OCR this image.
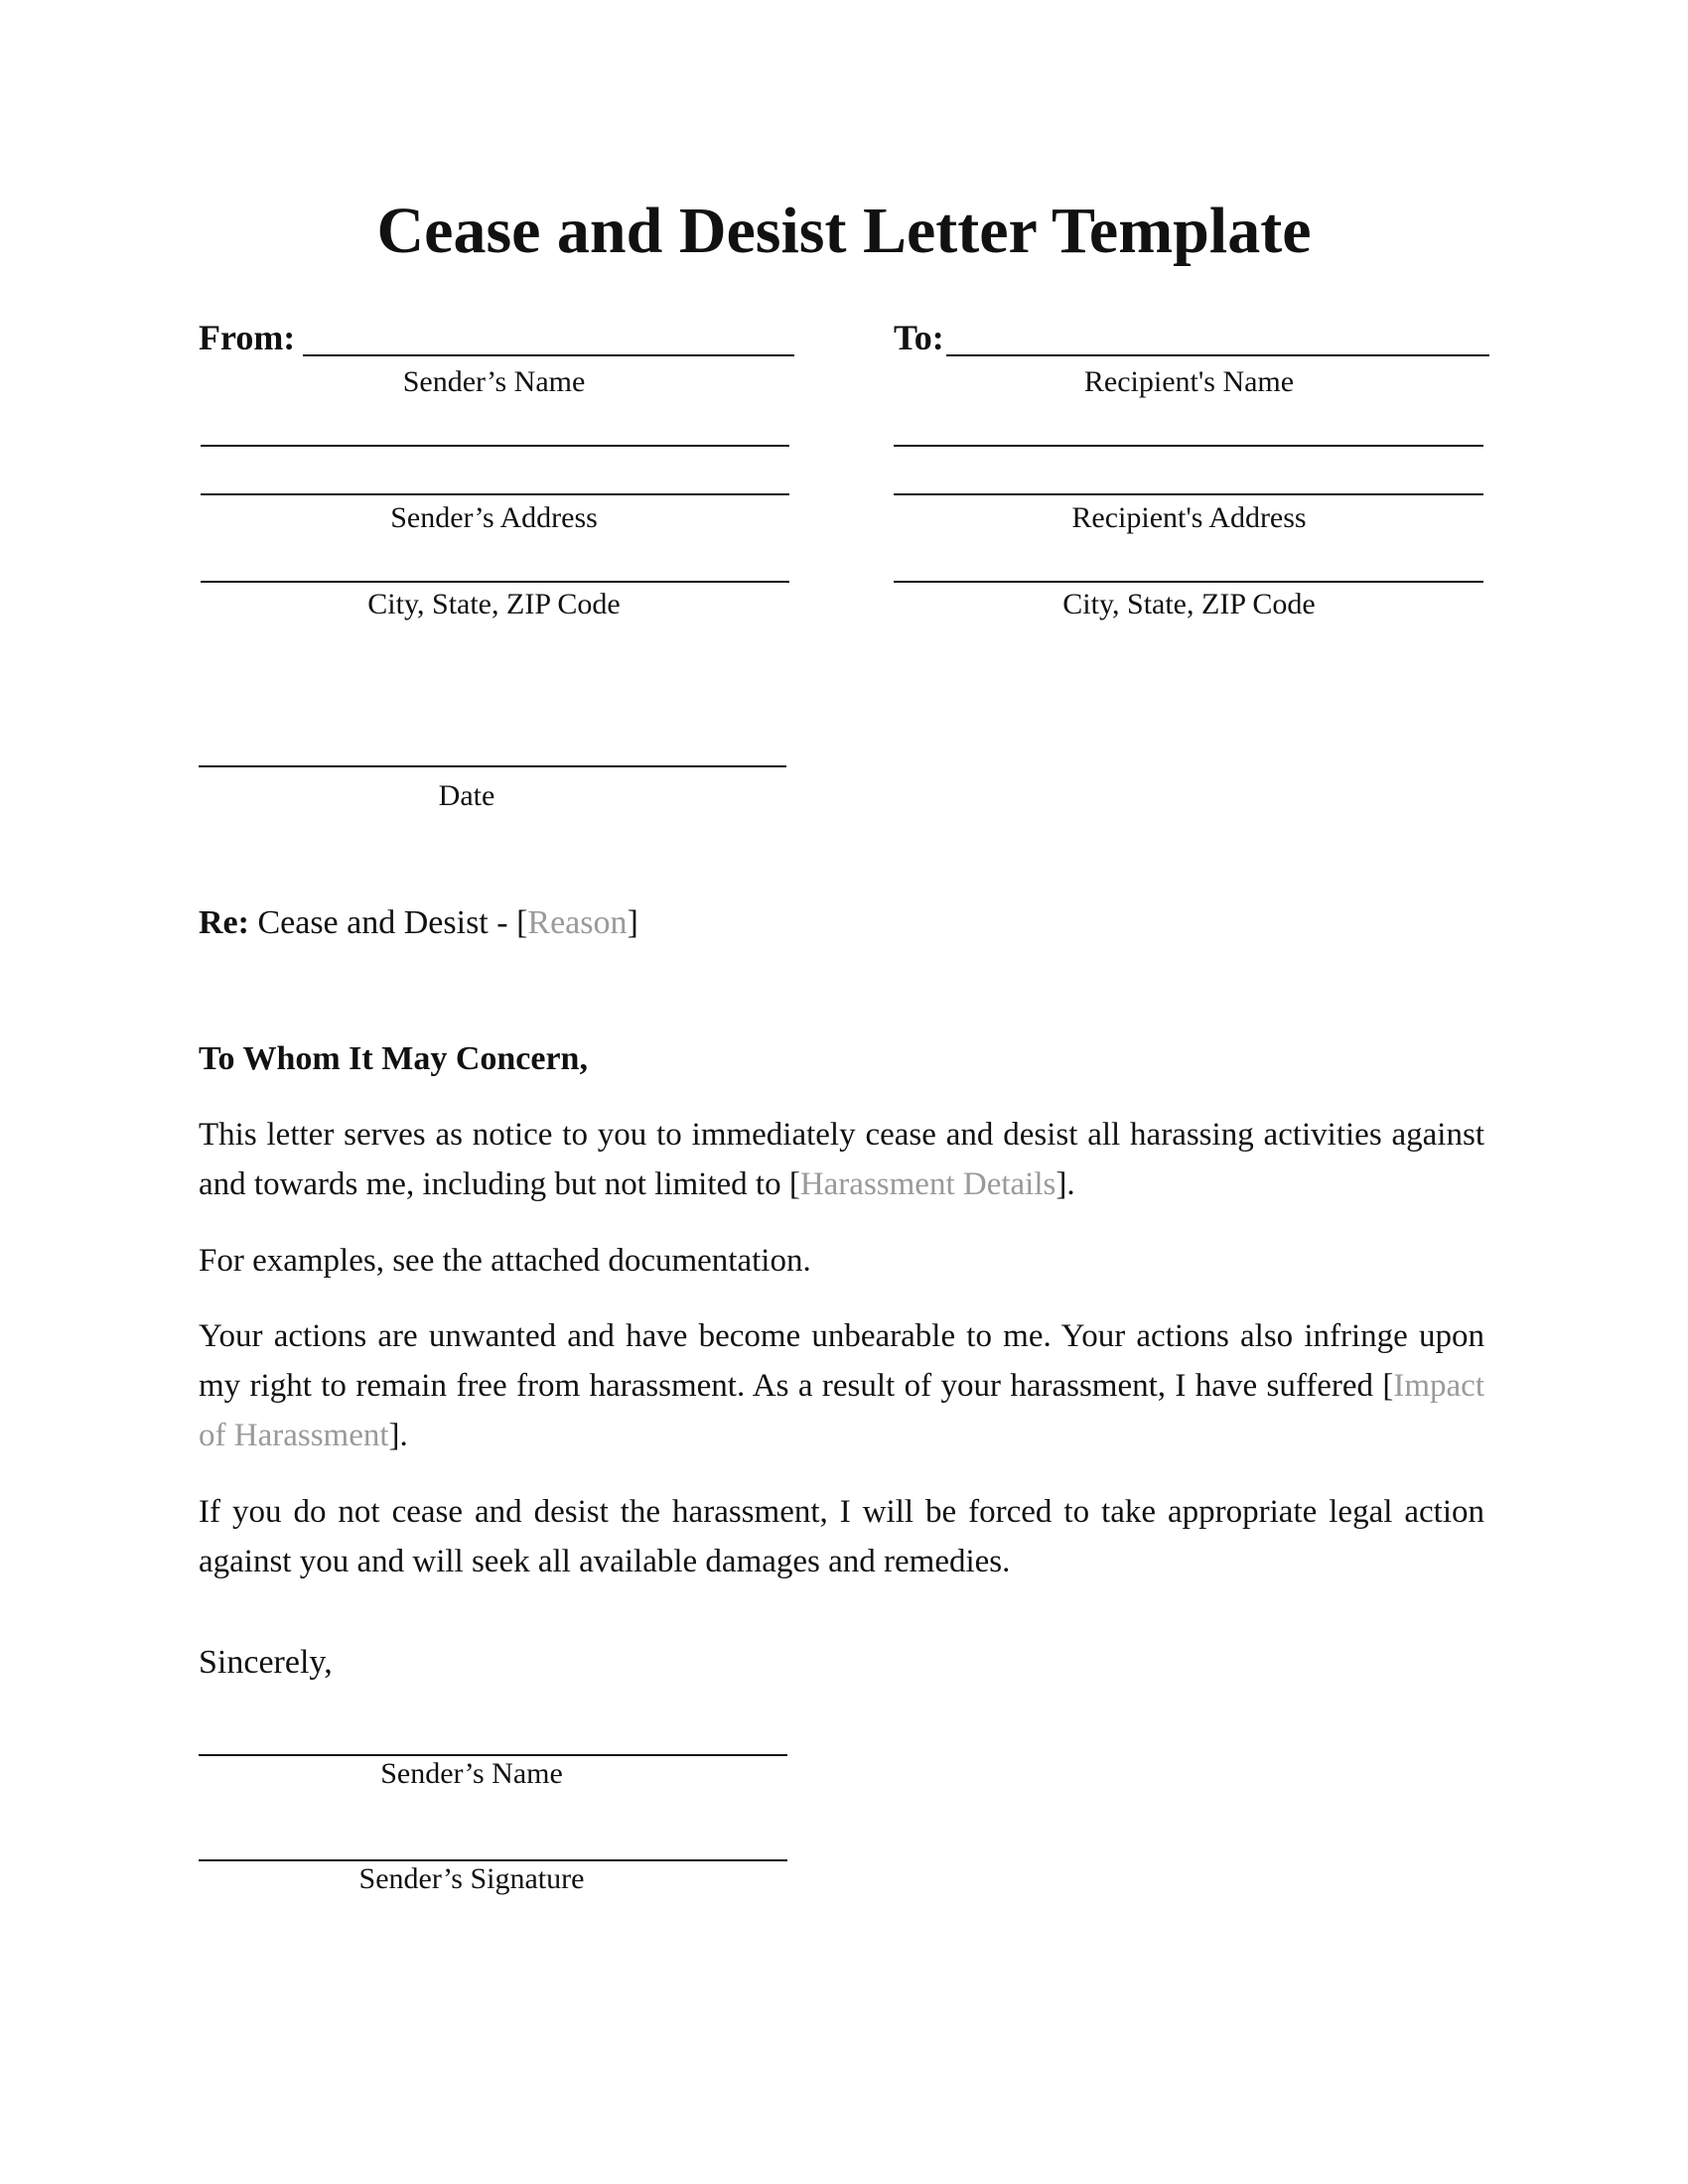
Cease and Desist Letter Template
From:
Sender’s Name
Sender’s Address
City, State, ZIP Code
To:
Recipient's Name
Recipient's Address
City, State, ZIP Code
Date
Re: Cease and Desist - [Reason]
To Whom It May Concern,
This letter serves as notice to you to immediately cease and desist all harassing activities against and towards me, including but not limited to [Harassment Details].
For examples, see the attached documentation.
Your actions are unwanted and have become unbearable to me. Your actions also infringe upon my right to remain free from harassment. As a result of your harassment, I have suffered [Impact of Harassment].
If you do not cease and desist the harassment, I will be forced to take appropriate legal action against you and will seek all available damages and remedies.
Sincerely,
Sender’s Name
Sender’s Signature
